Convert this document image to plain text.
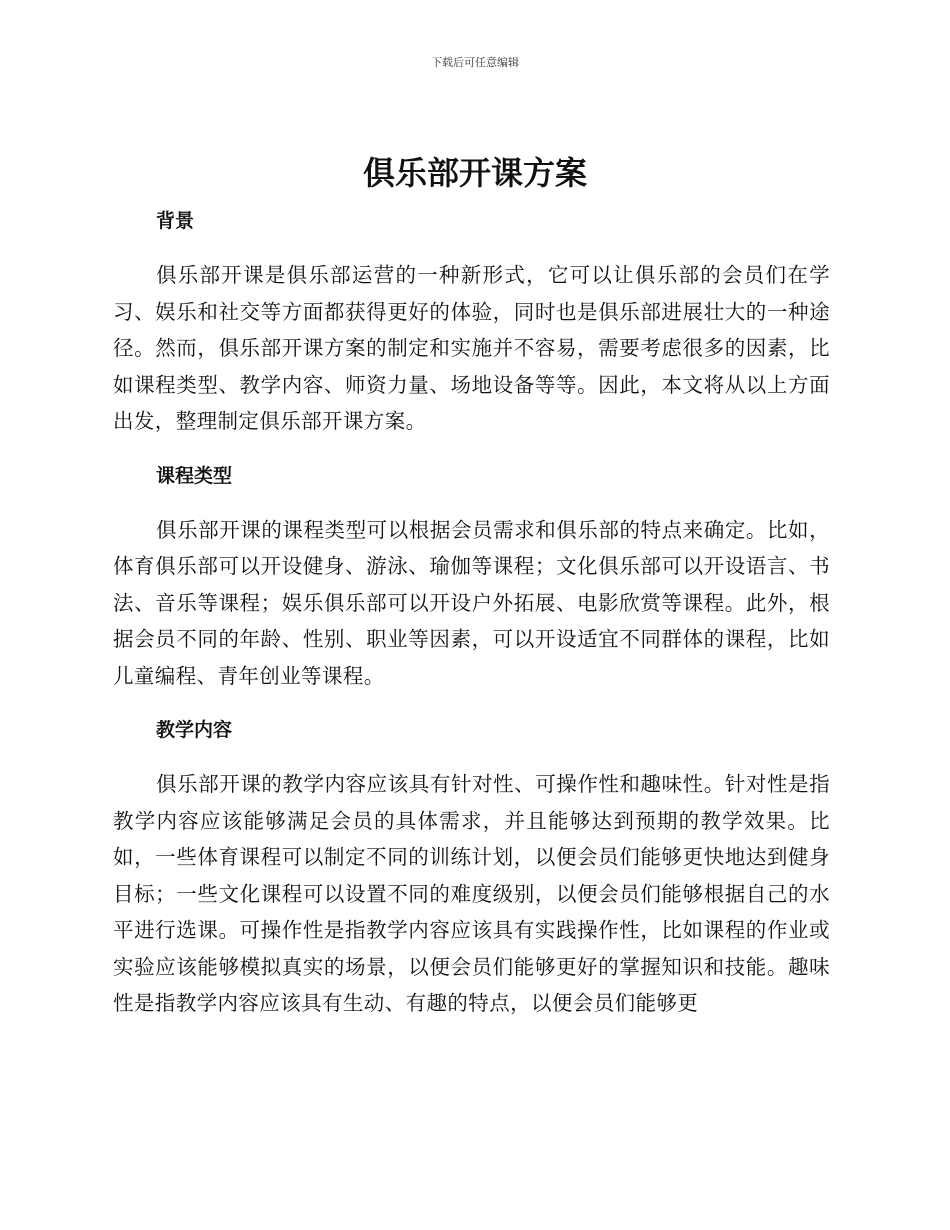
下载后可任意编辑
俱乐部开课方案
背景

俱乐部开课是俱乐部运营的一种新形式，它可以让俱乐部的会员们在学习、娱乐和社交等方面都获得更好的体验，同时也是俱乐部进展壮大的一种途径。然而，俱乐部开课方案的制定和实施并不容易，需要考虑很多的因素，比如课程类型、教学内容、师资力量、场地设备等等。因此，本文将从以上方面出发，整理制定俱乐部开课方案。

课程类型

俱乐部开课的课程类型可以根据会员需求和俱乐部的特点来确定。比如，体育俱乐部可以开设健身、游泳、瑜伽等课程；文化俱乐部可以开设语言、书法、音乐等课程；娱乐俱乐部可以开设户外拓展、电影欣赏等课程。此外，根据会员不同的年龄、性别、职业等因素，可以开设适宜不同群体的课程，比如儿童编程、青年创业等课程。

教学内容

俱乐部开课的教学内容应该具有针对性、可操作性和趣味性。针对性是指教学内容应该能够满足会员的具体需求，并且能够达到预期的教学效果。比如，一些体育课程可以制定不同的训练计划，以便会员们能够更快地达到健身目标；一些文化课程可以设置不同的难度级别，以便会员们能够根据自己的水平进行选课。可操作性是指教学内容应该具有实践操作性，比如课程的作业或实验应该能够模拟真实的场景，以便会员们能够更好的掌握知识和技能。趣味性是指教学内容应该具有生动、有趣的特点，以便会员们能够更
